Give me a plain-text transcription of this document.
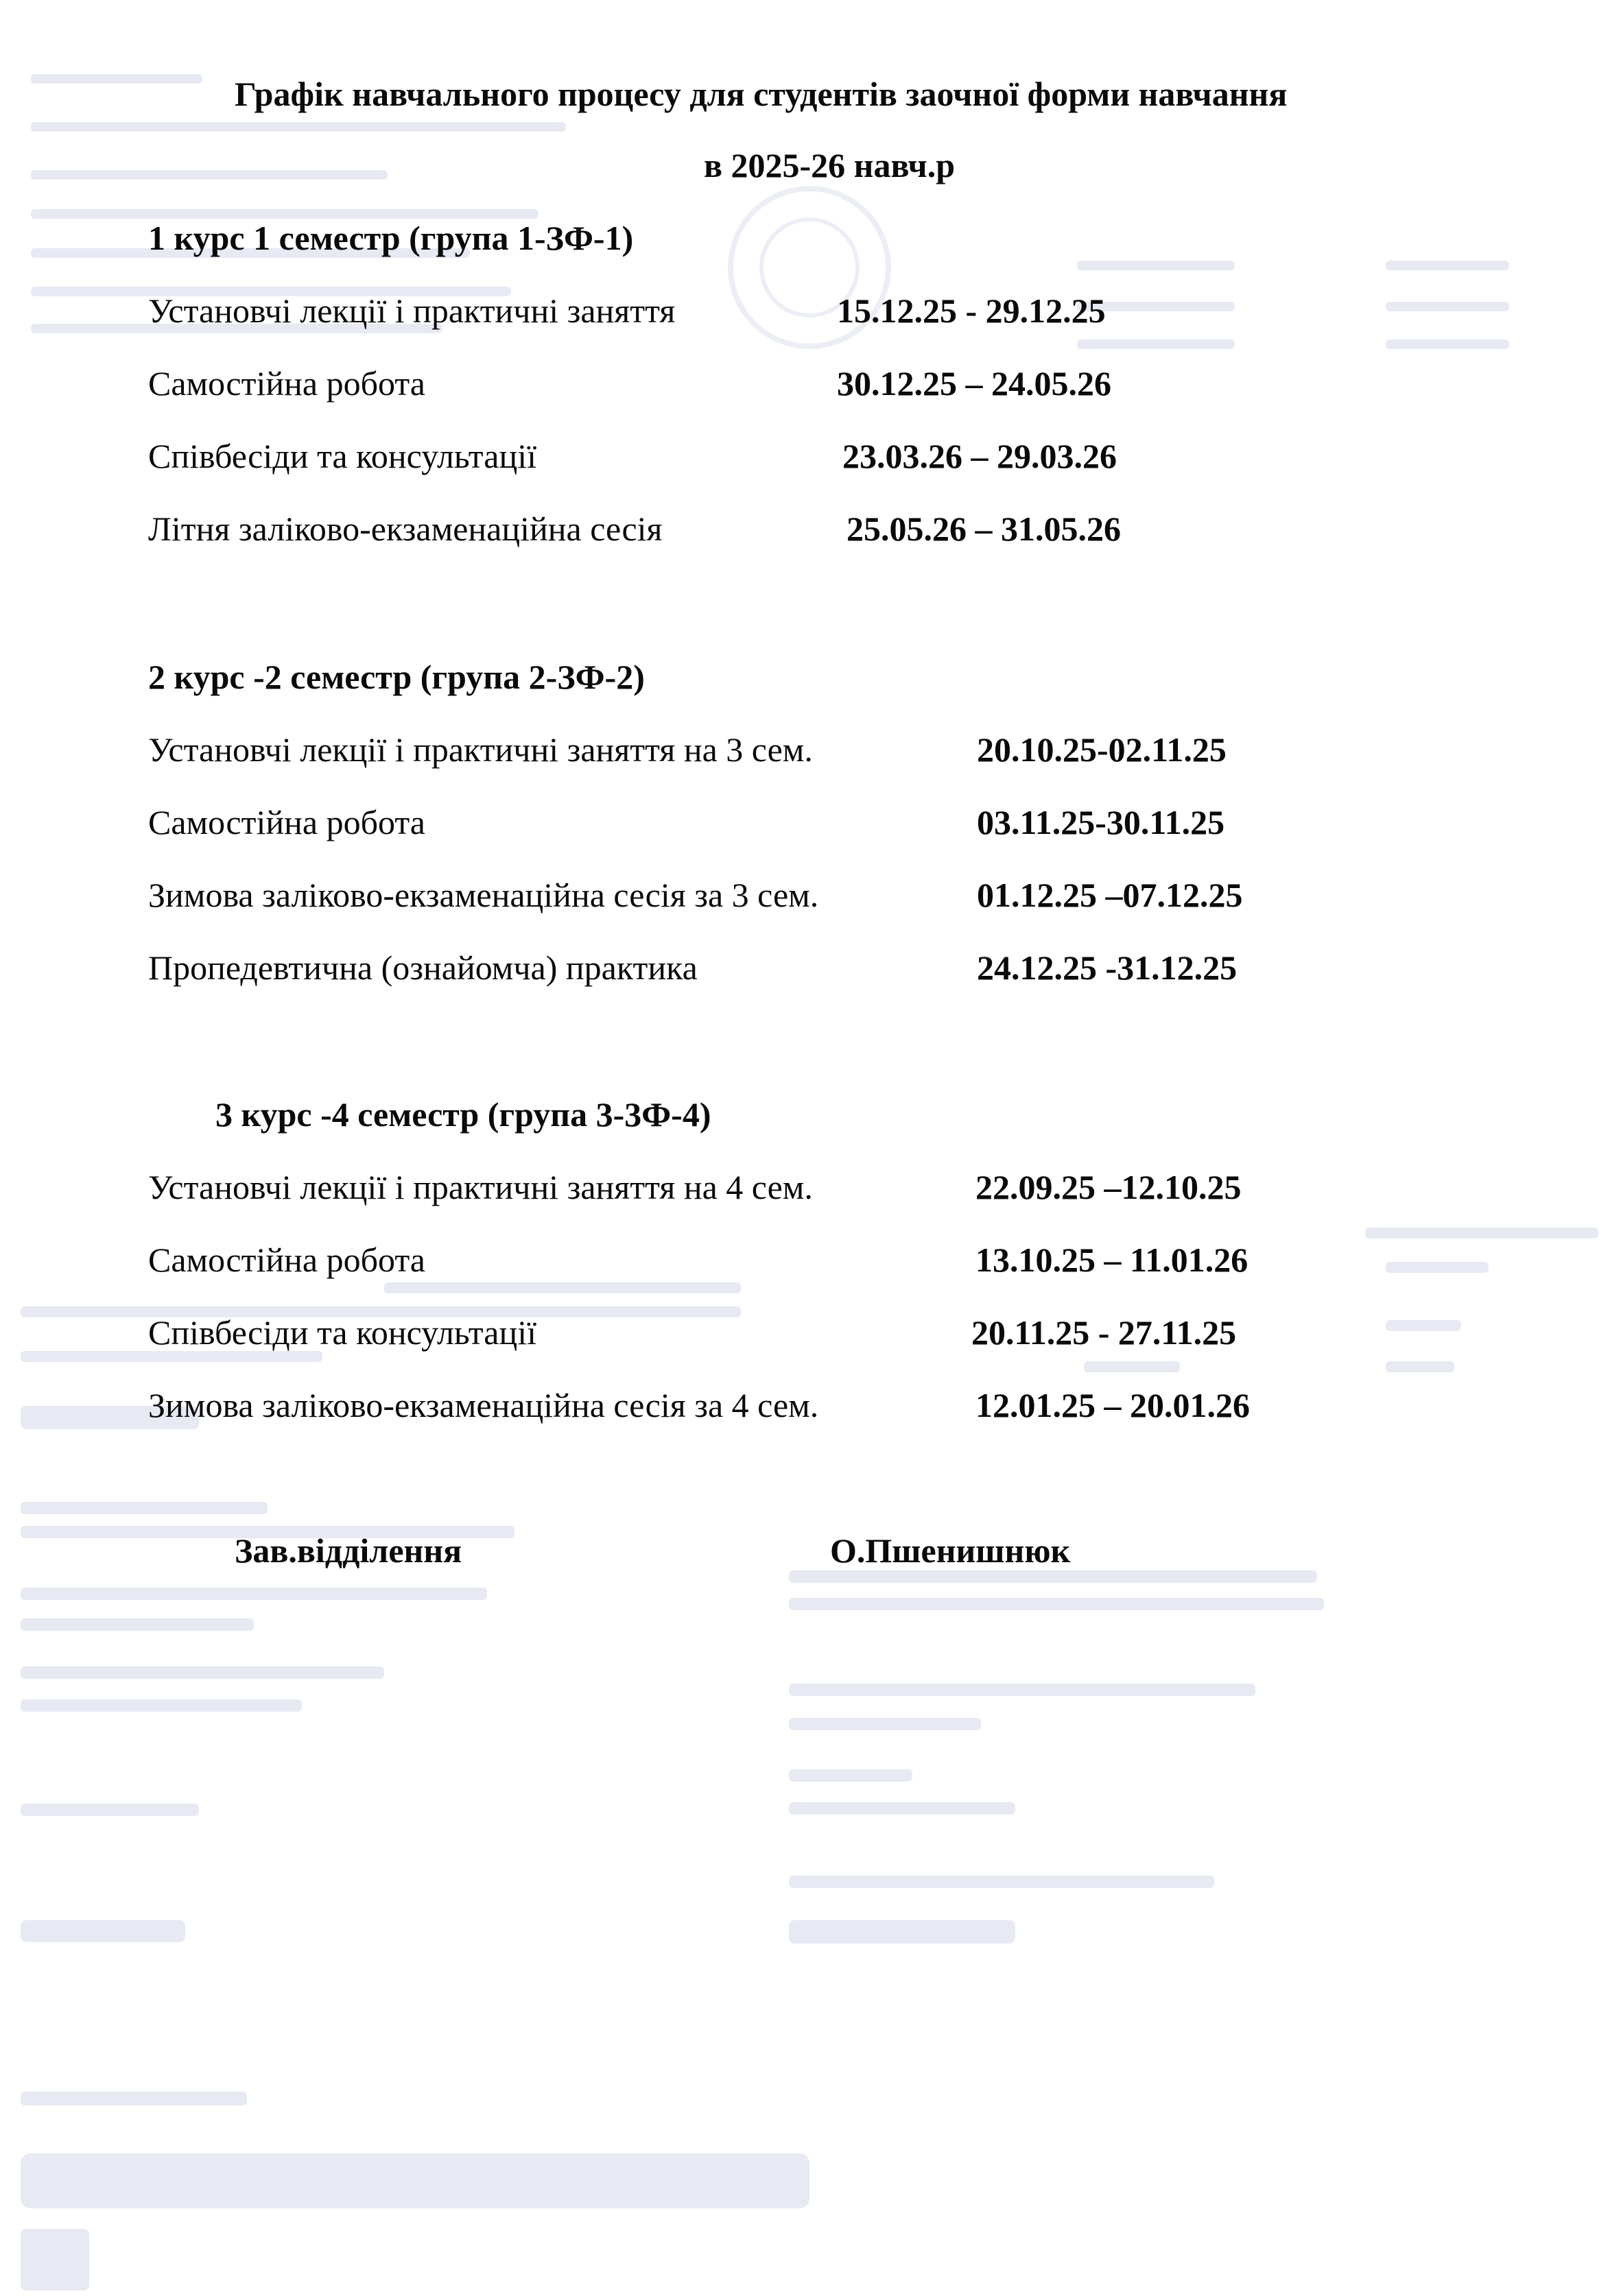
Графік навчального процесу для студентів заочної форми навчання
в 2025-26 навч.р
1 курс 1 семестр (група 1-ЗФ-1)
Установчі лекції і практичні заняття	15.12.25 - 29.12.25
Самостійна робота	30.12.25 – 24.05.26
Співбесіди та консультації	23.03.26 – 29.03.26
Літня заліково-екзаменаційна сесія	25.05.26 – 31.05.26
2 курс -2 семестр (група 2-ЗФ-2)
Установчі лекції і практичні заняття на 3 сем.	20.10.25-02.11.25
Самостійна робота	03.11.25-30.11.25
Зимова заліково-екзаменаційна сесія за 3 сем.	01.12.25 –07.12.25
Пропедевтична (ознайомча) практика	24.12.25 -31.12.25
3 курс -4 семестр (група 3-3Ф-4)
Установчі лекції і практичні заняття на 4 сем.	22.09.25 –12.10.25
Самостійна робота	13.10.25 – 11.01.26
Співбесіди та консультації	20.11.25 - 27.11.25
Зимова заліково-екзаменаційна сесія за 4 сем.	12.01.25 – 20.01.26
Зав.відділення	О.Пшенишнюк
